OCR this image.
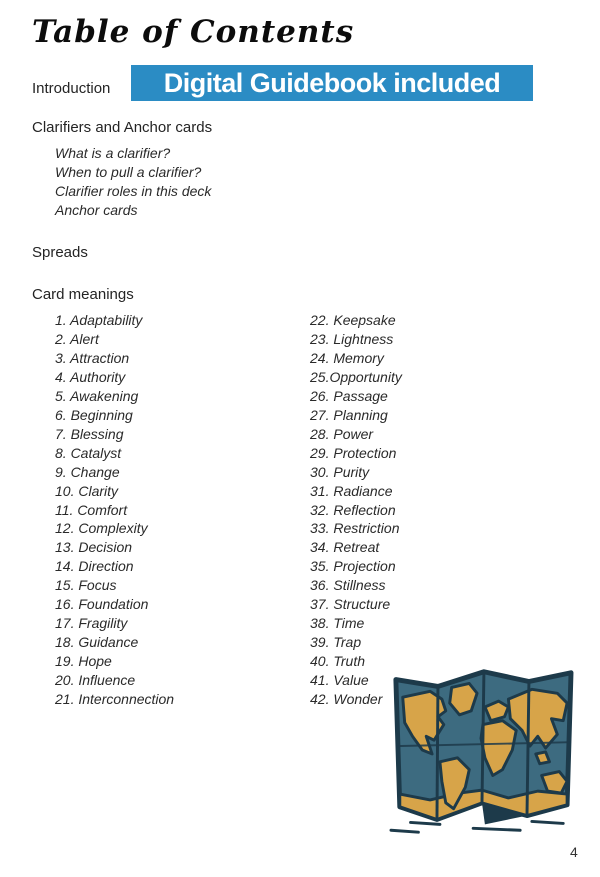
Table of Contents
Introduction Digital Guidebook included
Clarifiers and Anchor cards
What is a clarifier?
When to pull a clarifier?
Clarifier roles in this deck
Anchor cards
Spreads
Card meanings
1. Adaptability
2. Alert
3. Attraction
4. Authority
5. Awakening
6. Beginning
7. Blessing
8. Catalyst
9. Change
10. Clarity
11. Comfort
12. Complexity
13. Decision
14. Direction
15. Focus
16. Foundation
17. Fragility
18. Guidance
19. Hope
20. Influence
21. Interconnection
22. Keepsake
23. Lightness
24. Memory
25.Opportunity
26. Passage
27. Planning
28. Power
29. Protection
30. Purity
31. Radiance
32. Reflection
33. Restriction
34. Retreat
35. Projection
36. Stillness
37. Structure
38. Time
39. Trap
40. Truth
41. Value
42. Wonder
4
